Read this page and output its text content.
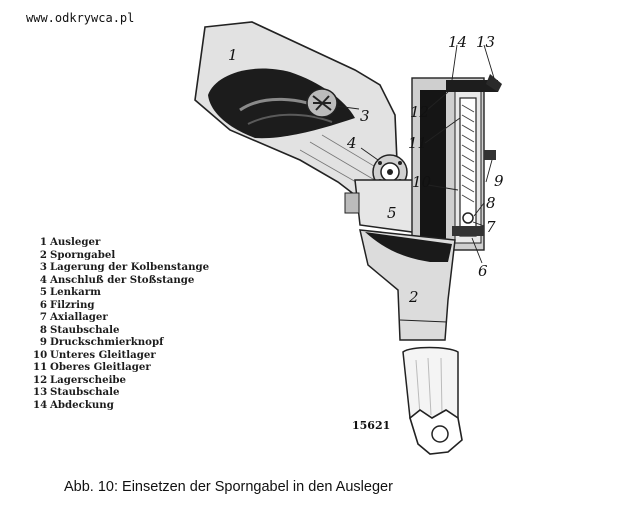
www.odkrywca.pl
1
2
3
4
5
6
7
8
9
10
11
12
13
14
1 Ausleger
2 Sporngabel
3 Lagerung der Kolbenstange
4 Anschluß der Stoßstange
5 Lenkarm
6 Filzring
7 Axiallager
8 Staubschale
9 Druckschmierknopf
10 Unteres Gleitlager
11 Oberes Gleitlager
12 Lagerscheibe
13 Staubschale
14 Abdeckung
15621
Abb. 10: Einsetzen der Sporngabel in den Ausleger
